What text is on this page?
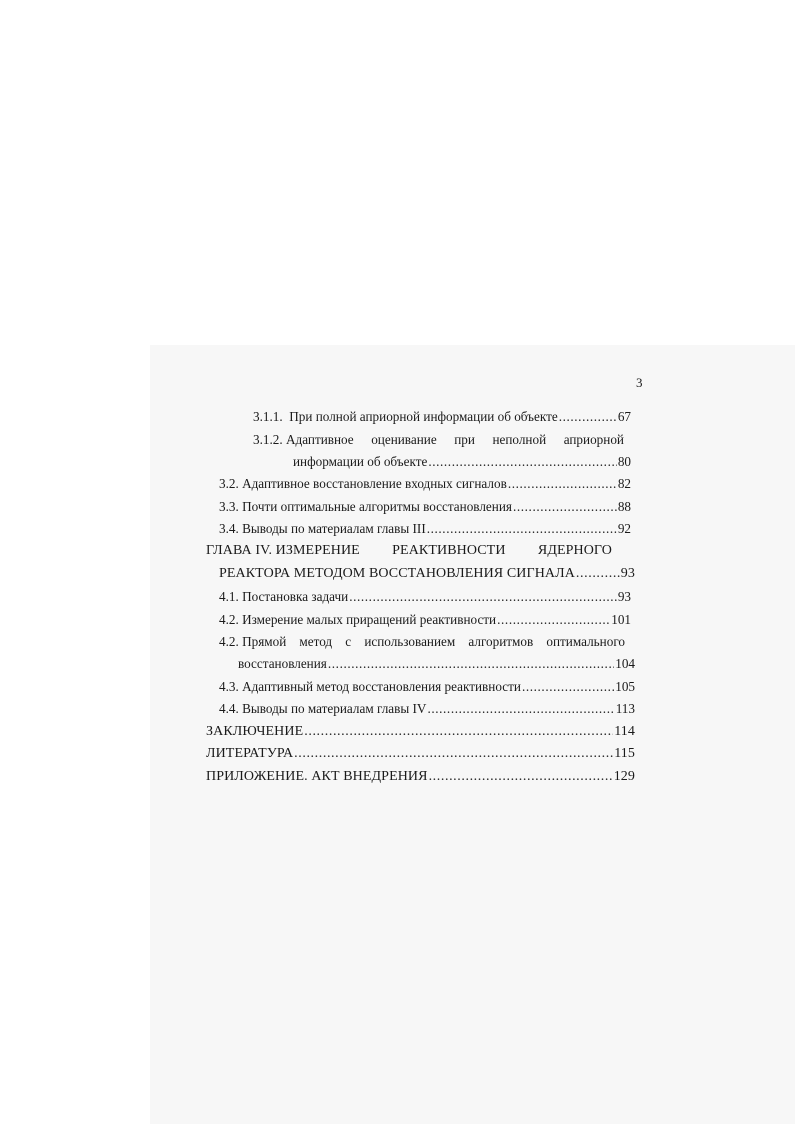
3
3.1.1.
При полной априорной информации об объекте .....	67
3.1.2. Адаптивное оценивание при неполной априорной
информации об объекте .....	80
3.2. Адаптивное восстановление входных сигналов .....	82
3.3. Почти оптимальные алгоритмы восстановления .....	88
3.4. Выводы по материалам главы III .....	92
ГЛАВА IV. ИЗМЕРЕНИЕ РЕАКТИВНОСТИ ЯДЕРНОГО
РЕАКТОРА МЕТОДОМ ВОССТАНОВЛЕНИЯ СИГНАЛА .....	93
4.1. Постановка задачи .....	93
4.2. Измерение малых приращений реактивности .....	101
4.2. Прямой метод с использованием алгоритмов оптимального
восстановления .....	104
4.3. Адаптивный метод восстановления реактивности .....	105
4.4. Выводы по материалам главы IV .....	113
ЗАКЛЮЧЕНИЕ .....	114
ЛИТЕРАТУРА .....	115
ПРИЛОЖЕНИЕ. АКТ ВНЕДРЕНИЯ .....	129
